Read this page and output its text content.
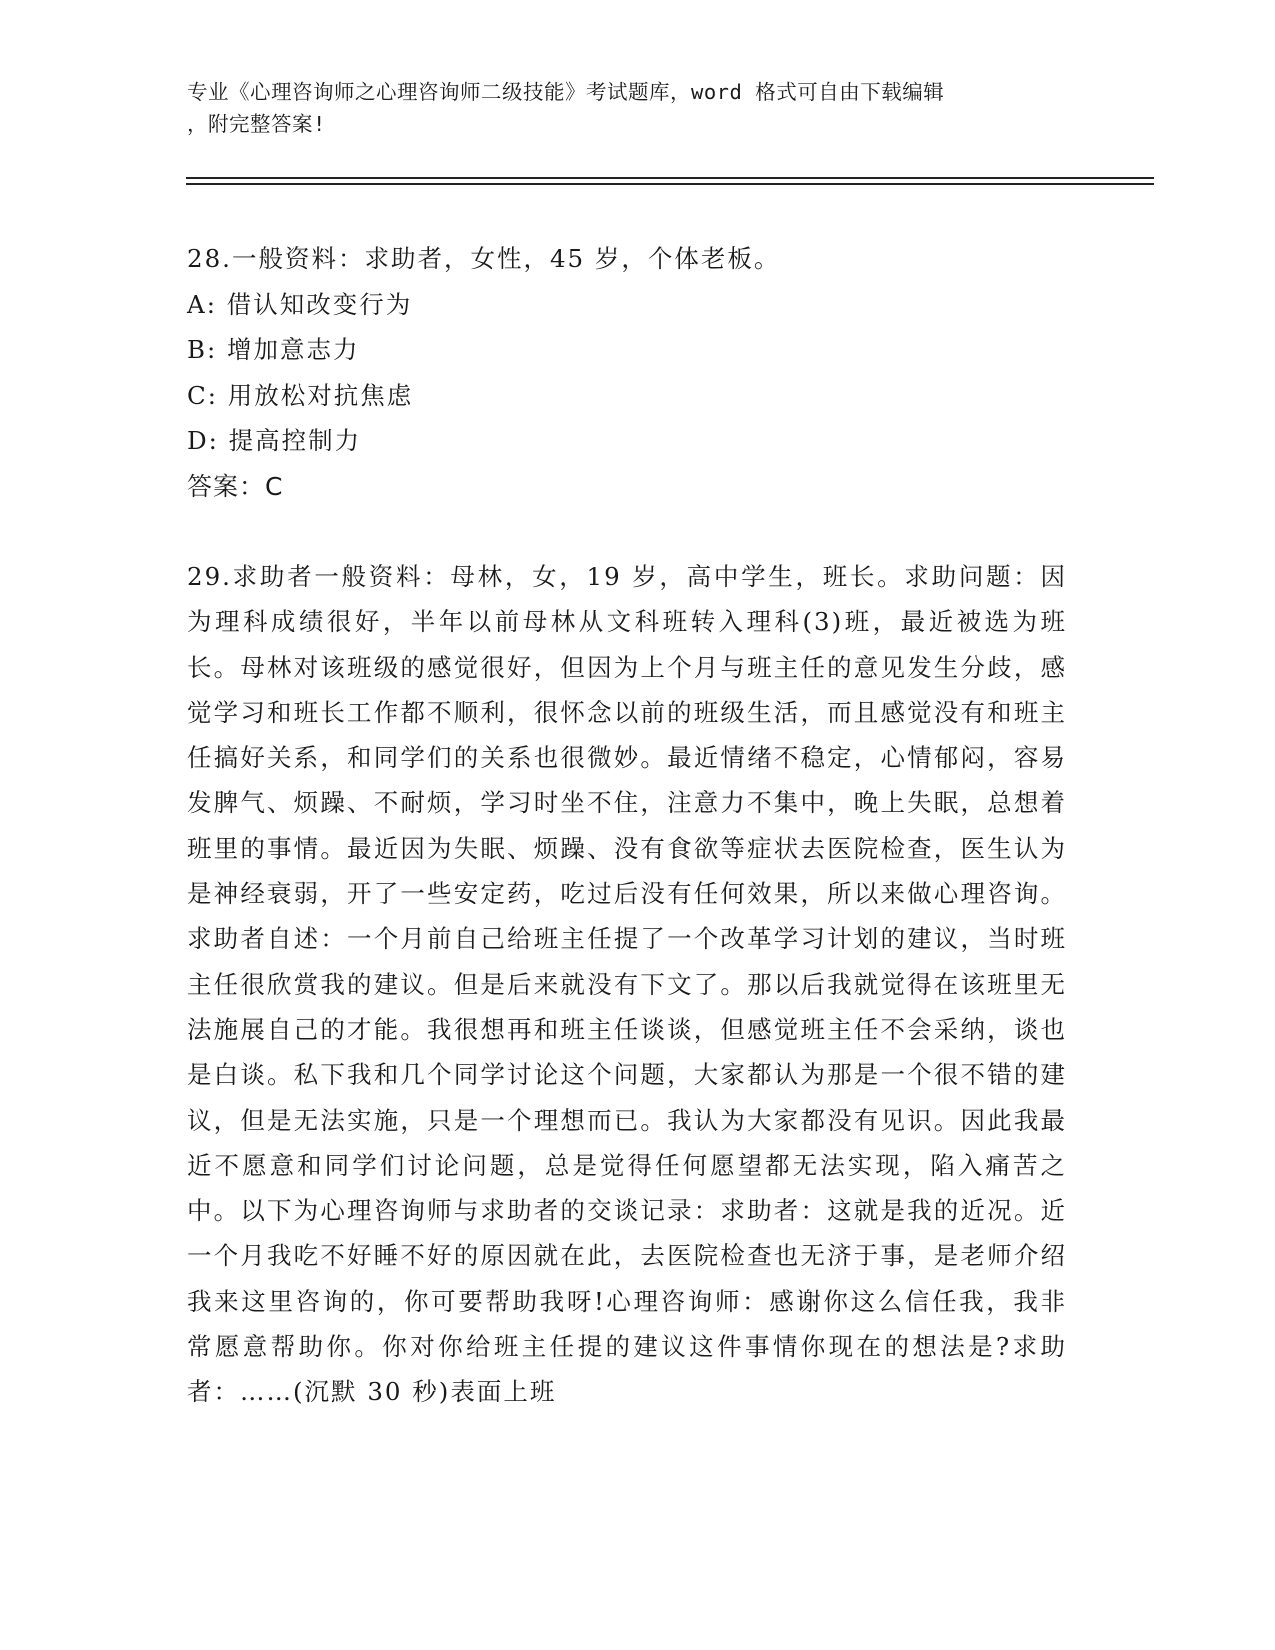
专业《心理咨询师之心理咨询师二级技能》考试题库，word 格式可自由下载编辑
，附完整答案!
28.一般资料：求助者，女性，45 岁，个体老板。
A: 借认知改变行为
B: 增加意志力
C: 用放松对抗焦虑
D: 提高控制力
答案：C
29.求助者一般资料：母林，女，19 岁，高中学生，班长。求助问题：因为理科成绩很好，半年以前母林从文科班转入理科(3)班，最近被选为班长。母林对该班级的感觉很好，但因为上个月与班主任的意见发生分歧，感觉学习和班长工作都不顺利，很怀念以前的班级生活，而且感觉没有和班主任搞好关系，和同学们的关系也很微妙。最近情绪不稳定，心情郁闷，容易发脾气、烦躁、不耐烦，学习时坐不住，注意力不集中，晚上失眠，总想着班里的事情。最近因为失眠、烦躁、没有食欲等症状去医院检查，医生认为是神经衰弱，开了一些安定药，吃过后没有任何效果，所以来做心理咨询。求助者自述：一个月前自己给班主任提了一个改革学习计划的建议，当时班主任很欣赏我的建议。但是后来就没有下文了。那以后我就觉得在该班里无法施展自己的才能。我很想再和班主任谈谈，但感觉班主任不会采纳，谈也是白谈。私下我和几个同学讨论这个问题，大家都认为那是一个很不错的建议，但是无法实施，只是一个理想而已。我认为大家都没有见识。因此我最近不愿意和同学们讨论问题，总是觉得任何愿望都无法实现，陷入痛苦之中。以下为心理咨询师与求助者的交谈记录：求助者：这就是我的近况。近一个月我吃不好睡不好的原因就在此，去医院检查也无济于事，是老师介绍我来这里咨询的，你可要帮助我呀!心理咨询师：感谢你这么信任我，我非常愿意帮助你。你对你给班主任提的建议这件事情你现在的想法是?求助者：……(沉默 30 秒)表面上班
